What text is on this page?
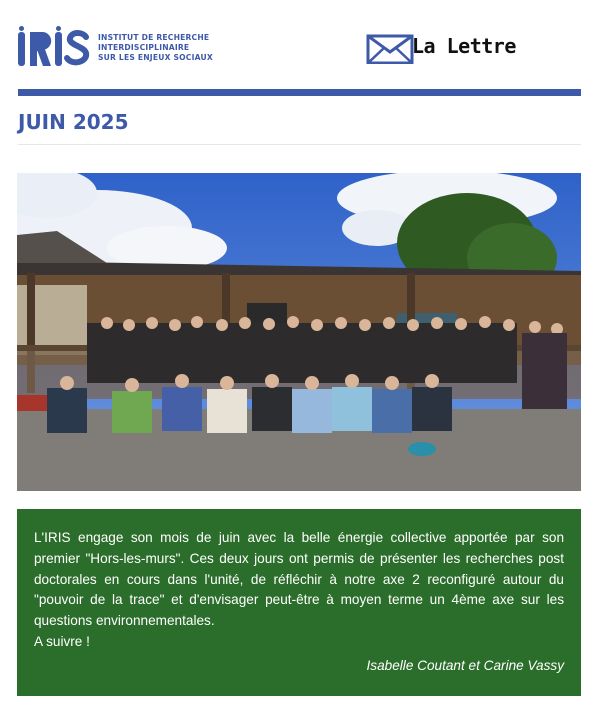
INSTITUT DE RECHERCHE
INTERDISCIPLINAIRE
SUR LES ENJEUX SOCIAUX	La Lettre
JUIN 2025

L'IRIS engage son mois de juin avec la belle énergie collective apportée par son premier "Hors-les-murs". Ces deux jours ont permis de présenter les recherches post doctorales en cours dans l'unité, de réfléchir à notre axe 2 reconfiguré autour du "pouvoir de la trace" et d'envisager peut-être à moyen terme un 4ème axe sur les questions environnementales.

A suivre !

Isabelle Coutant et Carine Vassy
